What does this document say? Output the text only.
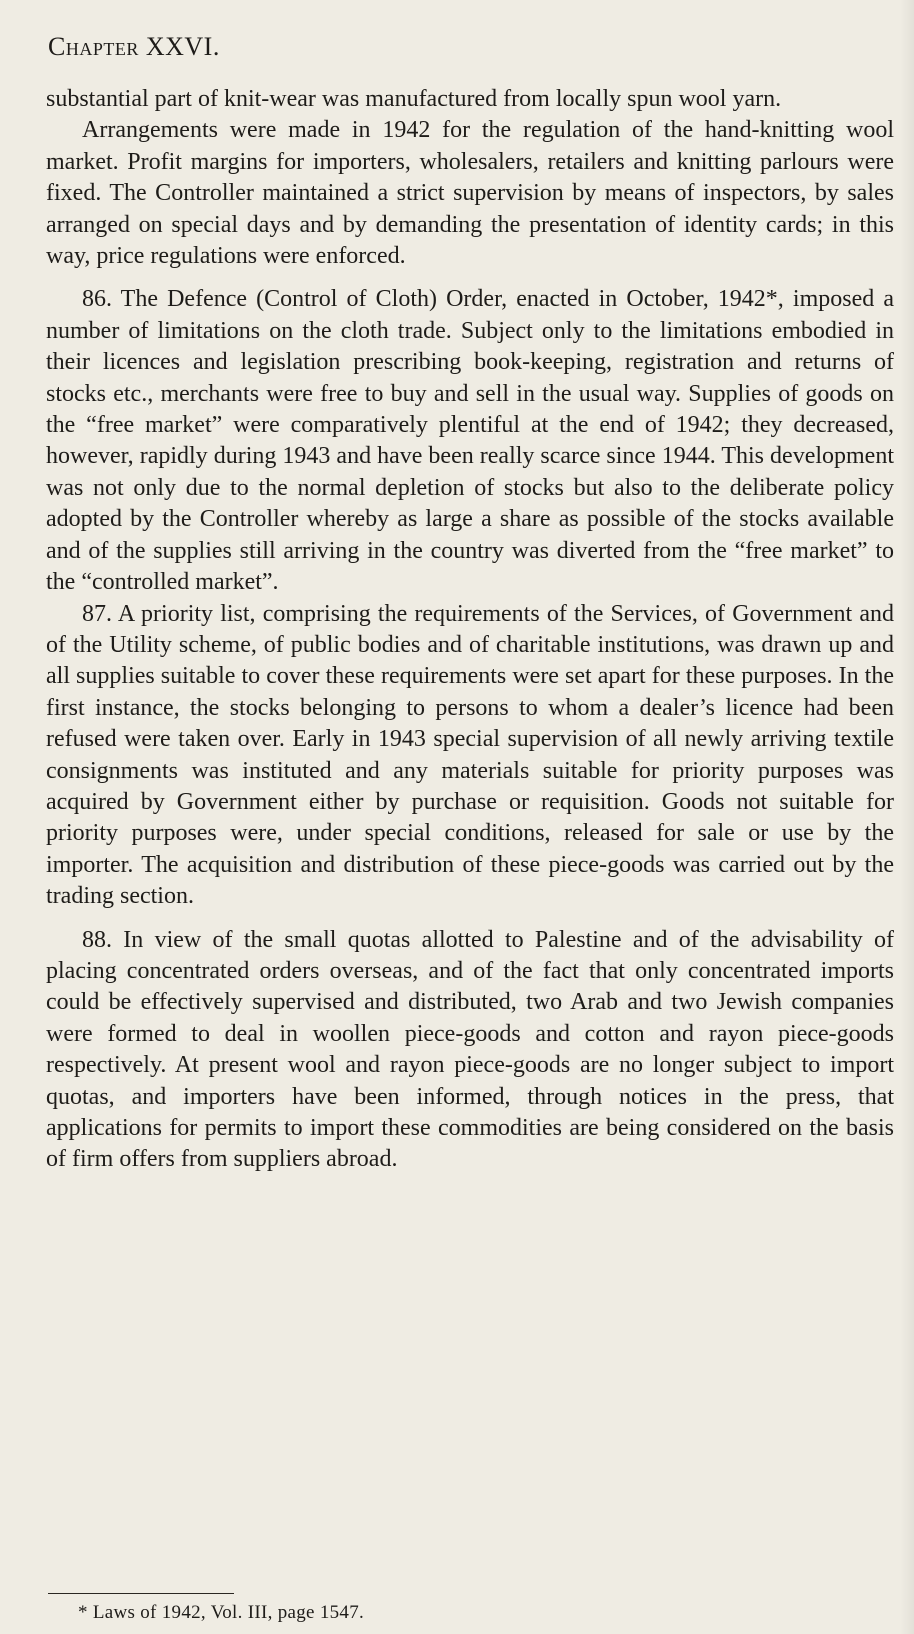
Chapter XXVI.

substantial part of knit-wear was manufactured from locally spun wool yarn.

Arrangements were made in 1942 for the regulation of the hand-knitting wool market. Profit margins for importers, wholesalers, retailers and knitting parlours were fixed. The Controller maintained a strict supervision by means of inspectors, by sales arranged on special days and by demanding the presentation of identity cards; in this way, price regulations were enforced.

86. The Defence (Control of Cloth) Order, enacted in October, 1942*, imposed a number of limitations on the cloth trade. Subject only to the limitations embodied in their licences and legislation prescribing book-keeping, registration and returns of stocks etc., merchants were free to buy and sell in the usual way. Supplies of goods on the “free market” were comparatively plentiful at the end of 1942; they decreased, however, rapidly during 1943 and have been really scarce since 1944. This development was not only due to the normal depletion of stocks but also to the deliberate policy adopted by the Controller whereby as large a share as possible of the stocks available and of the supplies still arriving in the country was diverted from the “free market” to the “controlled market”.

87. A priority list, comprising the requirements of the Services, of Government and of the Utility scheme, of public bodies and of charitable institutions, was drawn up and all supplies suitable to cover these requirements were set apart for these purposes. In the first instance, the stocks belonging to persons to whom a dealer’s licence had been refused were taken over. Early in 1943 special supervision of all newly arriving textile consignments was instituted and any materials suitable for priority purposes was acquired by Government either by purchase or requisition. Goods not suitable for priority purposes were, under special conditions, released for sale or use by the importer. The acquisition and distribution of these piece-goods was carried out by the trading section.

88. In view of the small quotas allotted to Palestine and of the advisability of placing concentrated orders overseas, and of the fact that only concentrated imports could be effectively supervised and distributed, two Arab and two Jewish companies were formed to deal in woollen piece-goods and cotton and rayon piece-goods respectively. At present wool and rayon piece-goods are no longer subject to import quotas, and importers have been informed, through notices in the press, that applications for permits to import these commodities are being considered on the basis of firm offers from suppliers abroad.

* Laws of 1942, Vol. III, page 1547.
